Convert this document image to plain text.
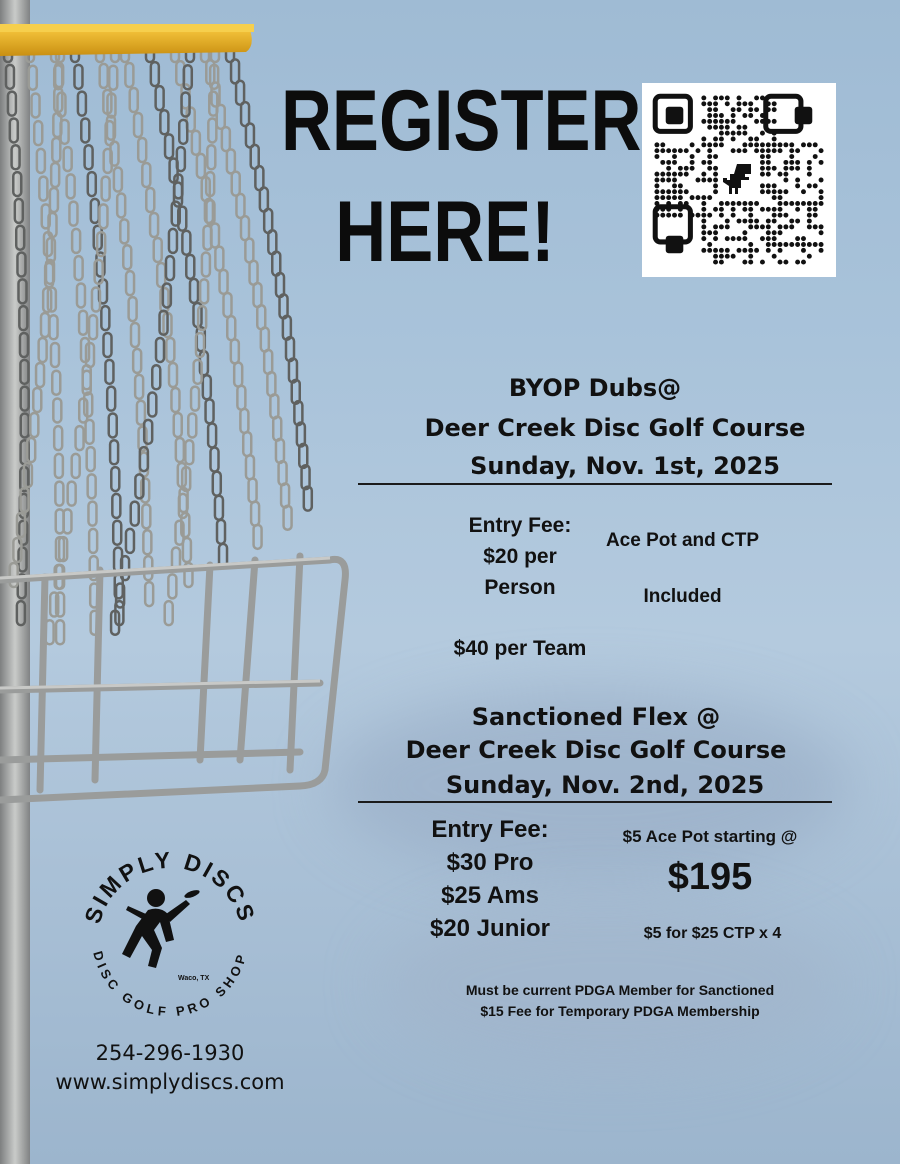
REGISTER
HERE!
BYOP Dubs@
Deer Creek Disc Golf Course
Sunday, Nov. 1st, 2025
Entry Fee:
$20 per
Person
$40 per Team
Ace Pot and CTP
Included
Sanctioned Flex @
Deer Creek Disc Golf Course
Sunday, Nov. 2nd, 2025
Entry Fee:
$30 Pro
$25 Ams
$20 Junior
$5 Ace Pot starting @
$195
$5 for $25 CTP x 4
Must be current PDGA Member for Sanctioned
$15 Fee for Temporary PDGA Membership
SIMPLY DISCS
DISC GOLF PRO SHOP
Waco, TX
254-296-1930
www.simplydiscs.com
